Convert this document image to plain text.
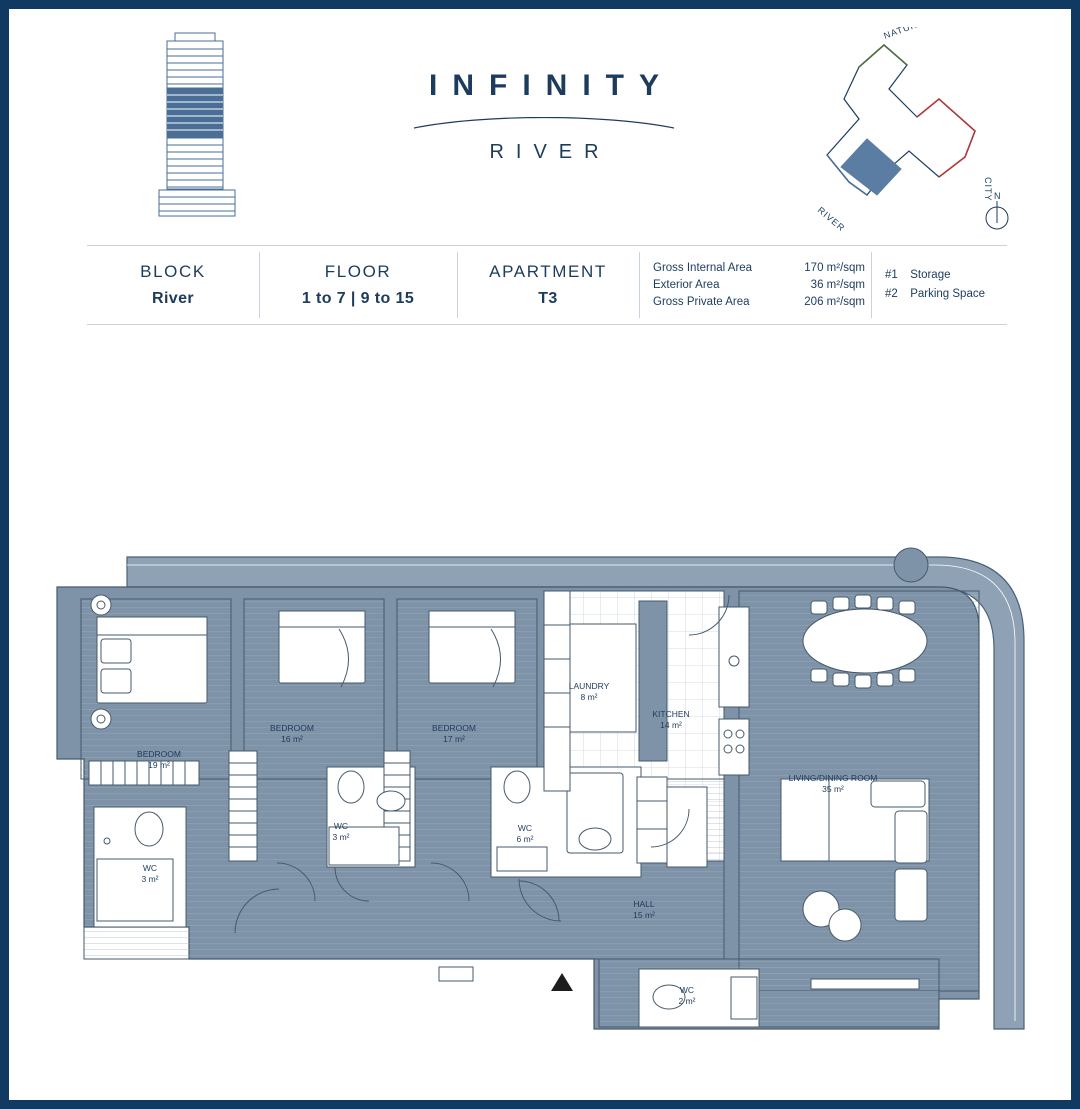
INFINITY
RIVER
NATURE
CITY
RIVER
N
BLOCK
River
FLOOR
1 to 7 | 9 to 15
APARTMENT
T3
Gross Internal Area	170 m²/sqm
Exterior Area	36 m²/sqm
Gross Private Area	206 m²/sqm
#1 Storage
#2 Parking Space
BEDROOM
19 m²
BEDROOM
16 m²
BEDROOM
17 m²
LAUNDRY
8 m²
KITCHEN
14 m²
LIVING/DINING ROOM
35 m²
WC
3 m²
WC
3 m²
WC
6 m²
WC
2 m²
HALL
15 m²
